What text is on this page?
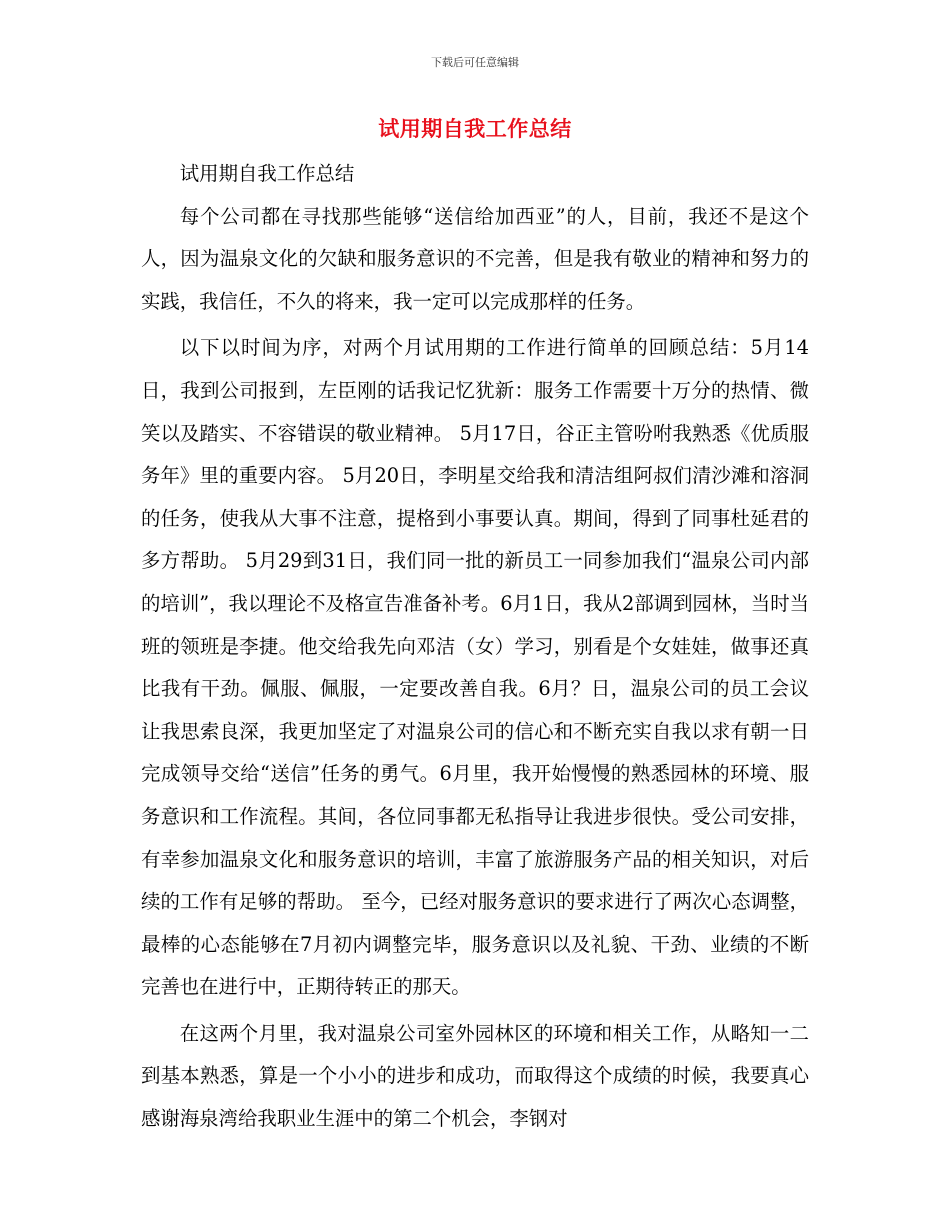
下载后可任意编辑
试用期自我工作总结

试用期自我工作总结

每个公司都在寻找那些能够“送信给加西亚”的人，目前，我还不是这个人，因为温泉文化的欠缺和服务意识的不完善，但是我有敬业的精神和努力的实践，我信任，不久的将来，我一定可以完成那样的任务。

以下以时间为序，对两个月试用期的工作进行简单的回顾总结：5月14日，我到公司报到，左臣刚的话我记忆犹新：服务工作需要十万分的热情、微笑以及踏实、不容错误的敬业精神。 5月17日，谷正主管吩咐我熟悉《优质服务年》里的重要内容。 5月20日，李明星交给我和清洁组阿叔们清沙滩和溶洞的任务，使我从大事不注意，提格到小事要认真。期间，得到了同事杜延君的多方帮助。 5月29到31日，我们同一批的新员工一同参加我们“温泉公司内部的培训”，我以理论不及格宣告准备补考。6月1日，我从2部调到园林，当时当班的领班是李捷。他交给我先向邓洁（女）学习，别看是个女娃娃，做事还真比我有干劲。佩服、佩服，一定要改善自我。6月？日，温泉公司的员工会议让我思索良深，我更加坚定了对温泉公司的信心和不断充实自我以求有朝一日完成领导交给“送信”任务的勇气。6月里，我开始慢慢的熟悉园林的环境、服务意识和工作流程。其间，各位同事都无私指导让我进步很快。受公司安排，有幸参加温泉文化和服务意识的培训，丰富了旅游服务产品的相关知识，对后续的工作有足够的帮助。 至今，已经对服务意识的要求进行了两次心态调整，最棒的心态能够在7月初内调整完毕，服务意识以及礼貌、干劲、业绩的不断完善也在进行中，正期待转正的那天。

在这两个月里，我对温泉公司室外园林区的环境和相关工作，从略知一二到基本熟悉，算是一个小小的进步和成功，而取得这个成绩的时候，我要真心感谢海泉湾给我职业生涯中的第二个机会，李钢对
